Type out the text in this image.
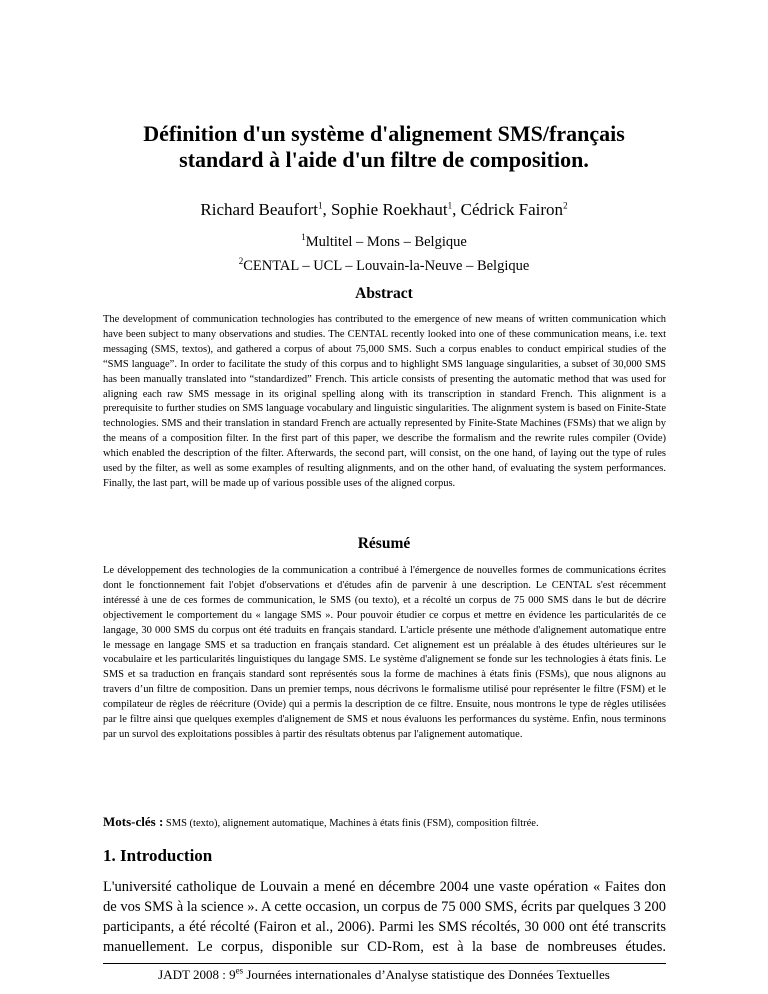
Définition d'un système d'alignement SMS/français
standard à l'aide d'un filtre de composition.
Richard Beaufort$^1$, Sophie Roekhaut$^1$, Cédrick Fairon$^2$
$^1$Multitel – Mons – Belgique
$^2$CENTAL – UCL – Louvain-la-Neuve – Belgique
Abstract

The development of communication technologies has contributed to the emergence of new means of written communication which have been subject to many observations and studies. The CENTAL recently looked into one of these communication means, i.e. text messaging (SMS, textos), and gathered a corpus of about 75,000 SMS. Such a corpus enables to conduct empirical studies of the “SMS language”. In order to facilitate the study of this corpus and to highlight SMS language singularities, a subset of 30,000 SMS has been manually translated into “standardized” French. This article consists of presenting the automatic method that was used for aligning each raw SMS message in its original spelling along with its transcription in standard French. This alignment is a prerequisite to further studies on SMS language vocabulary and linguistic singularities. The alignment system is based on Finite-State technologies. SMS and their translation in standard French are actually represented by Finite-State Machines (FSMs) that we align by the means of a composition filter. In the first part of this paper, we describe the formalism and the rewrite rules compiler (Ovide) which enabled the description of the filter. Afterwards, the second part, will consist, on the one hand, of laying out the type of rules used by the filter, as well as some examples of resulting alignments, and on the other hand, of evaluating the system performances. Finally, the last part, will be made up of various possible uses of the aligned corpus.

Résumé

Le développement des technologies de la communication a contribué à l'émergence de nouvelles formes de communications écrites dont le fonctionnement fait l'objet d'observations et d'études afin de parvenir à une description. Le CENTAL s'est récemment intéressé à une de ces formes de communication, le SMS (ou texto), et a récolté un corpus de 75 000 SMS dans le but de décrire objectivement le comportement du « langage SMS ». Pour pouvoir étudier ce corpus et mettre en évidence les particularités de ce langage, 30 000 SMS du corpus ont été traduits en français standard. L'article présente une méthode d'alignement automatique entre le message en langage SMS et sa traduction en français standard. Cet alignement est un préalable à des études ultérieures sur le vocabulaire et les particularités linguistiques du langage SMS. Le système d'alignement se fonde sur les technologies à états finis. Le SMS et sa traduction en français standard sont représentés sous la forme de machines à états finis (FSMs), que nous alignons au travers d’un filtre de composition. Dans un premier temps, nous décrivons le formalisme utilisé pour représenter le filtre (FSM) et le compilateur de règles de réécriture (Ovide) qui a permis la description de ce filtre. Ensuite, nous montrons le type de règles utilisées par le filtre ainsi que quelques exemples d'alignement de SMS et nous évaluons les performances du système. Enfin, nous terminons par un survol des exploitations possibles à partir des résultats obtenus par l'alignement automatique.

Mots-clés : SMS (texto), alignement automatique, Machines à états finis (FSM), composition filtrée.
1. Introduction

L'université catholique de Louvain a mené en décembre 2004 une vaste opération « Faites don de vos SMS à la science ». A cette occasion, un corpus de 75 000 SMS, écrits par quelques 3 200 participants, a été récolté (Fairon et al., 2006). Parmi les SMS récoltés, 30 000 ont été transcrits manuellement. Le corpus, disponible sur CD-Rom, est à la base de nombreuses études.

JADT 2008 : $9^{es}$ Journées internationales d’Analyse statistique des Données Textuelles
